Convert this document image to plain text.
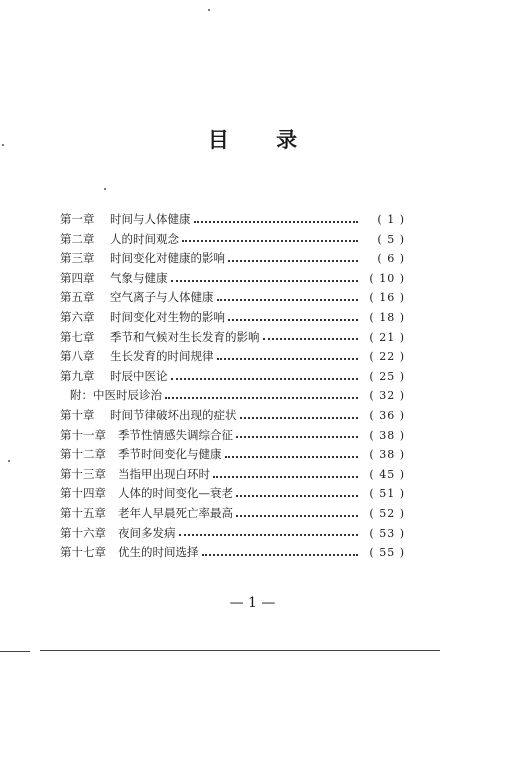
目 录
第一章	时间与人体健康	( 1 )
第二章	人的时间观念	( 5 )
第三章	时间变化对健康的影响	( 6 )
第四章	气象与健康	( 10 )
第五章	空气离子与人体健康	( 16 )
第六章	时间变化对生物的影响	( 18 )
第七章	季节和气候对生长发育的影响	( 21 )
第八章	生长发育的时间规律	( 22 )
第九章	时辰中医论	( 25 )
附：中医时辰诊治	( 32 )
第十章	时间节律破坏出现的症状	( 36 )
第十一章	季节性情感失调综合征	( 38 )
第十二章	季节时间变化与健康	( 38 )
第十三章	当指甲出现白环时	( 45 )
第十四章	人体的时间变化—衰老	( 51 )
第十五章	老年人早晨死亡率最高	( 52 )
第十六章	夜间多发病	( 53 )
第十七章	优生的时间选择	( 55 )
— 1 —
